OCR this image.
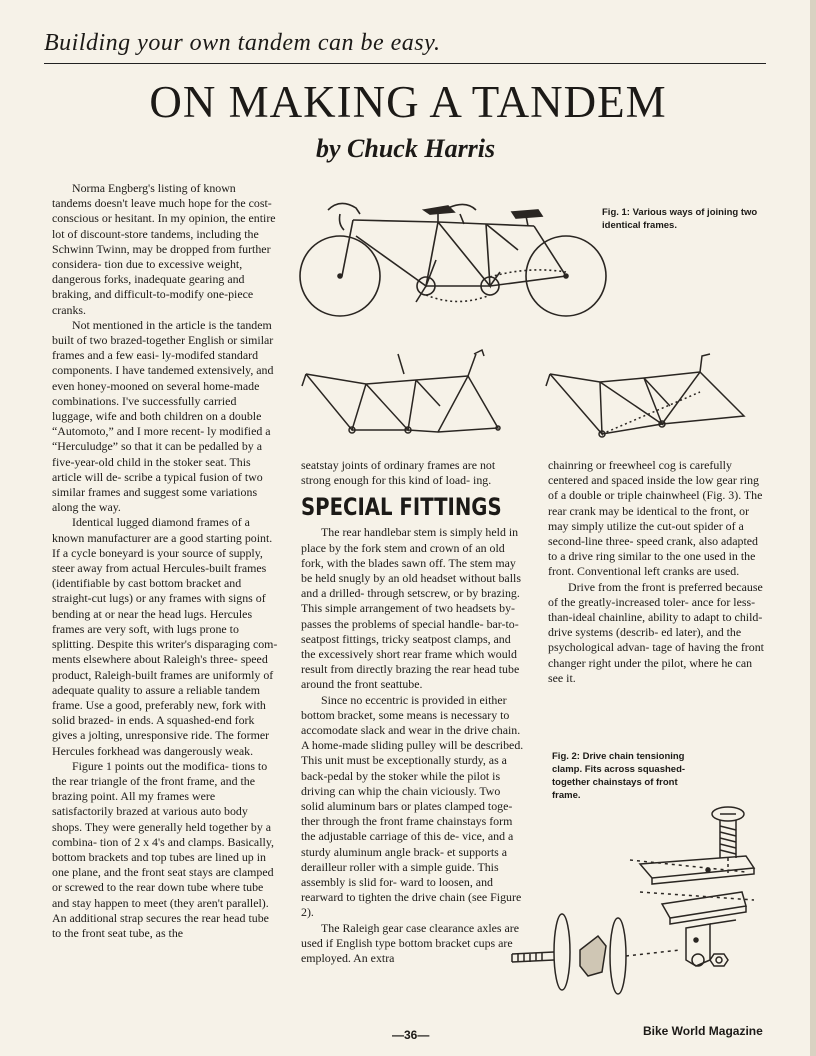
Building your own tandem can be easy.
ON MAKING A TANDEM
by Chuck Harris

Norma Engberg's listing of known tandems doesn't leave much hope for the cost-conscious or hesitant. In my opinion, the entire lot of discount-store tandems, including the Schwinn Twinn, may be dropped from further considera- tion due to excessive weight, dangerous forks, inadequate gearing and braking, and difficult-to-modify one-piece cranks.

Not mentioned in the article is the tandem built of two brazed-together English or similar frames and a few easi- ly-modifed standard components. I have tandemed extensively, and even honey-mooned on several home-made combinations. I've successfully carried luggage, wife and both children on a double “Automoto,” and I more recent- ly modified a “Herculudge” so that it can be pedalled by a five-year-old child in the stoker seat. This article will de- scribe a typical fusion of two similar frames and suggest some variations along the way.

Identical lugged diamond frames of a known manufacturer are a good starting point. If a cycle boneyard is your source of supply, steer away from actual Hercules-built frames (identifiable by cast bottom bracket and straight-cut lugs) or any frames with signs of bending at or near the head lugs. Hercules frames are very soft, with lugs prone to splitting. Despite this writer's disparaging com- ments elsewhere about Raleigh's three- speed product, Raleigh-built frames are uniformly of adequate quality to assure a reliable tandem frame. Use a good, preferably new, fork with solid brazed- in ends. A squashed-end fork gives a jolting, unresponsive ride. The former Hercules forkhead was dangerously weak.

Figure 1 points out the modifica- tions to the rear triangle of the front frame, and the brazing point. All my frames were satisfactorily brazed at various auto body shops. They were generally held together by a combina- tion of 2 x 4's and clamps. Basically, bottom brackets and top tubes are lined up in one plane, and the front seat stays are clamped or screwed to the rear down tube where tube and stay happen to meet (they aren't parallel). An additional strap secures the rear head tube to the front seat tube, as the

Fig. 1: Various ways of joining two identical frames.

seatstay joints of ordinary frames are not strong enough for this kind of load- ing.

SPECIAL FITTINGS

The rear handlebar stem is simply held in place by the fork stem and crown of an old fork, with the blades sawn off. The stem may be held snugly by an old headset without balls and a drilled- through setscrew, or by brazing. This simple arrangement of two headsets by- passes the problems of special handle- bar-to-seatpost fittings, tricky seatpost clamps, and the excessively short rear frame which would result from directly brazing the rear head tube around the front seattube.

Since no eccentric is provided in either bottom bracket, some means is necessary to accomodate slack and wear in the drive chain. A home-made sliding pulley will be described. This unit must be exceptionally sturdy, as a back-pedal by the stoker while the pilot is driving can whip the chain viciously. Two solid aluminum bars or plates clamped toge- ther through the front frame chainstays form the adjustable carriage of this de- vice, and a sturdy aluminum angle brack- et supports a derailleur roller with a simple guide. This assembly is slid for- ward to loosen, and rearward to tighten the drive chain (see Figure 2).

The Raleigh gear case clearance axles are used if English type bottom bracket cups are employed. An extra

chainring or freewheel cog is carefully centered and spaced inside the low gear ring of a double or triple chainwheel (Fig. 3). The rear crank may be identical to the front, or may simply utilize the cut-out spider of a second-line three- speed crank, also adapted to a drive ring similar to the one used in the front. Conventional left cranks are used.

Drive from the front is preferred because of the greatly-increased toler- ance for less-than-ideal chainline, ability to adapt to child-drive systems (describ- ed later), and the psychological advan- tage of having the front changer right under the pilot, where he can see it.

Fig. 2: Drive chain tensioning clamp. Fits across squashed-together chainstays of front frame.
—36—	Bike World Magazine
